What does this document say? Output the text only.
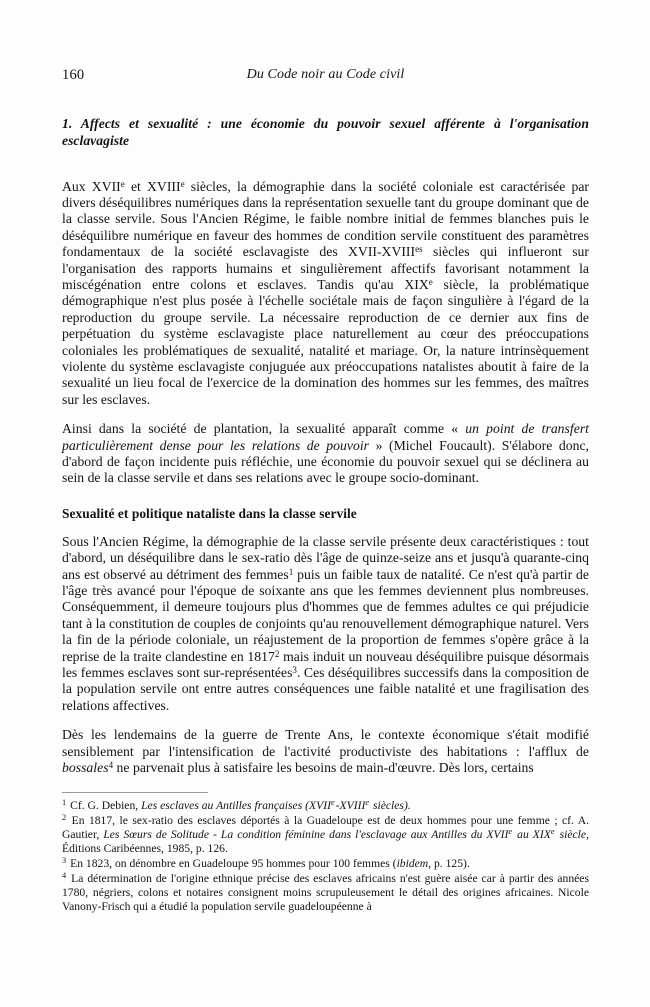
160	Du Code noir au Code civil
1. Affects et sexualité : une économie du pouvoir sexuel afférente à l'organisation esclavagiste

Aux XVIIe et XVIIIe siècles, la démographie dans la société coloniale est caractérisée par divers déséquilibres numériques dans la représentation sexuelle tant du groupe dominant que de la classe servile. Sous l'Ancien Régime, le faible nombre initial de femmes blanches puis le déséquilibre numérique en faveur des hommes de condition servile constituent des paramètres fondamentaux de la société esclavagiste des XVII-$XVIII^{es}$ siècles qui influeront sur l'organisation des rapports humains et singulièrement affectifs favorisant notamment la miscégénation entre colons et esclaves. Tandis qu'au XIXe siècle, la problématique démographique n'est plus posée à l'échelle sociétale mais de façon singulière à l'égard de la reproduction du groupe servile. La nécessaire reproduction de ce dernier aux fins de perpétuation du système esclavagiste place naturellement au cœur des préoccupations coloniales les problématiques de sexualité, natalité et mariage. Or, la nature intrinsèquement violente du système esclavagiste conjuguée aux préoccupations natalistes aboutit à faire de la sexualité un lieu focal de l'exercice de la domination des hommes sur les femmes, des maîtres sur les esclaves.

Ainsi dans la société de plantation, la sexualité apparaît comme « un point de transfert particulièrement dense pour les relations de pouvoir » (Michel Foucault). S'élabore donc, d'abord de façon incidente puis réfléchie, une économie du pouvoir sexuel qui se déclinera au sein de la classe servile et dans ses relations avec le groupe socio-dominant.

Sexualité et politique nataliste dans la classe servile

Sous l'Ancien Régime, la démographie de la classe servile présente deux caractéristiques : tout d'abord, un déséquilibre dans le sex-ratio dès l'âge de quinze-seize ans et jusqu'à quarante-cinq ans est observé au détriment des femmes$^1$ puis un faible taux de natalité. Ce n'est qu'à partir de l'âge très avancé pour l'époque de soixante ans que les femmes deviennent plus nombreuses. Conséquemment, il demeure toujours plus d'hommes que de femmes adultes ce qui préjudicie tant à la constitution de couples de conjoints qu'au renouvellement démographique naturel. Vers la fin de la période coloniale, un réajustement de la proportion de femmes s'opère grâce à la reprise de la traite clandestine en 1817$^2$ mais induit un nouveau déséquilibre puisque désormais les femmes esclaves sont sur-représentées$^3$. Ces déséquilibres successifs dans la composition de la population servile ont entre autres conséquences une faible natalité et une fragilisation des relations affectives.

Dès les lendemains de la guerre de Trente Ans, le contexte économique s'était modifié sensiblement par l'intensification de l'activité productiviste des habitations : l'afflux de bossales$^4$ ne parvenait plus à satisfaire les besoins de main-d'œuvre. Dès lors, certains

$^1$ Cf. G. Debien, Les esclaves au Antilles françaises (XVIIe-XVIIIe siècles).

$^2$ En 1817, le sex-ratio des esclaves déportés à la Guadeloupe est de deux hommes pour une femme ; cf. A. Gautier, Les Sœurs de Solitude - La condition féminine dans l'esclavage aux Antilles du XVIIe au XIXe siècle, Éditions Caribéennes, 1985, p. 126.

$^3$ En 1823, on dénombre en Guadeloupe 95 hommes pour 100 femmes (ibidem, p. 125).

$^4$ La détermination de l'origine ethnique précise des esclaves africains n'est guère aisée car à partir des années 1780, négriers, colons et notaires consignent moins scrupuleusement le détail des origines africaines. Nicole Vanony-Frisch qui a étudié la population servile guadeloupéenne à
